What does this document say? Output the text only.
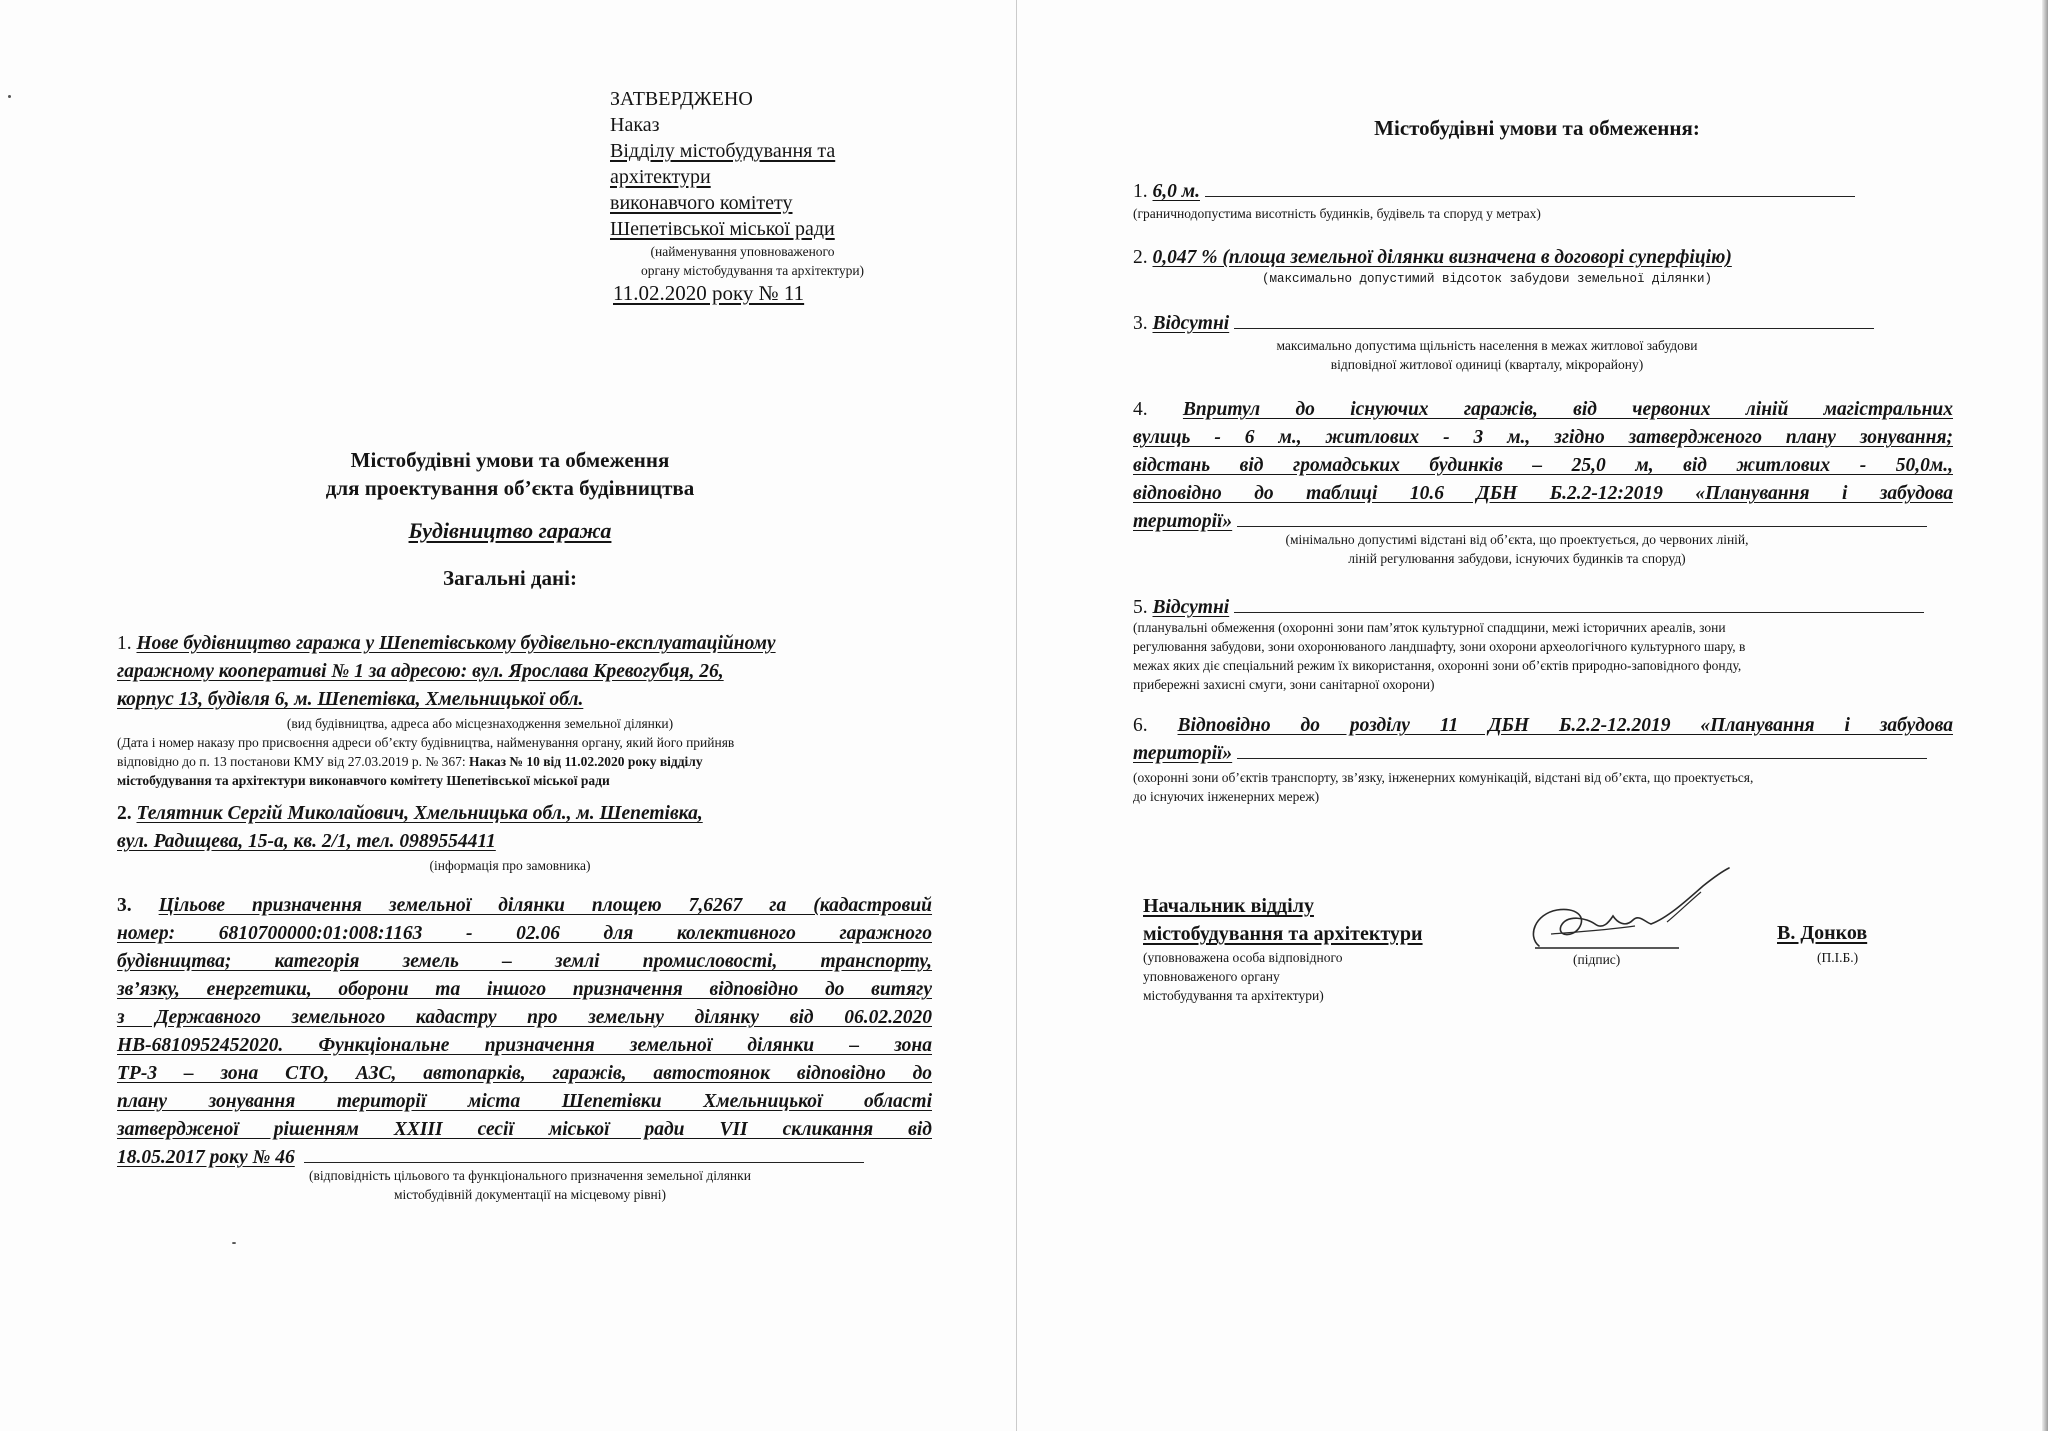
ЗАТВЕРДЖЕНО
Наказ
Відділу містобудування та
архітектури
виконавчого комітету
Шепетівської міської ради
(найменування уповноваженого
органу містобудування та архітектури)
11.02.2020 року № 11
Містобудівні умови та обмеження
для проектування об’єкта будівництва
Будівництво гаража
Загальні дані:
1. Нове будівництво гаража у Шепетівському будівельно-експлуатаційному
гаражному кооперативі № 1 за адресою: вул. Ярослава Кревогубця, 26,
корпус 13, будівля 6, м. Шепетівка, Хмельницької обл.
(вид будівництва, адреса або місцезнаходження земельної ділянки)
(Дата і номер наказу про присвоєння адреси об’єкту будівництва, найменування органу, який його прийняв
відповідно до п. 13 постанови КМУ від 27.03.2019 р. № 367: Наказ № 10 від 11.02.2020 року відділу
містобудування та архітектури виконавчого комітету Шепетівської міської ради
2. Телятник Сергій Миколайович, Хмельницька обл., м. Шепетівка,
вул. Радищева, 15-а, кв. 2/1, тел. 0989554411
(інформація про замовника)
3. Цільове призначення земельної ділянки площею 7,6267 га (кадастровий
номер: 6810700000:01:008:1163 - 02.06 для колективного гаражного
будівництва; категорія земель – землі промисловості, транспорту,
зв’язку, енергетики, оборони та іншого призначення відповідно до витягу
з Державного земельного кадастру про земельну ділянку від 06.02.2020
НВ-6810952452020. Функціональне призначення земельної ділянки – зона
ТР-3 – зона СТО, АЗС, автопарків, гаражів, автостоянок відповідно до
плану зонування території міста Шепетівки Хмельницької області
затвердженої рішенням XXIII сесії міської ради VII скликання від
18.05.2017 року № 46
(відповідність цільового та функціонального призначення земельної ділянки
містобудівній документації на місцевому рівні)
Містобудівні умови та обмеження:
1. 6,0 м.
(граничнодопустима висотність будинків, будівель та споруд у метрах)
2. 0,047 % (площа земельної ділянки визначена в договорі суперфіцію)
(максимально допустимий відсоток забудови земельної ділянки)
3. Відсутні
максимально допустима щільність населення в межах житлової забудови
відповідної житлової одиниці (кварталу, мікрорайону)
4. Впритул до існуючих гаражів, від червоних ліній магістральних
вулиць - 6 м., житлових - 3 м., згідно затвердженого плану зонування;
відстань від громадських будинків – 25,0 м, від житлових - 50,0м.,
відповідно до таблиці 10.6 ДБН Б.2.2-12:2019 «Планування і забудова
території»
(мінімально допустимі відстані від об’єкта, що проектується, до червоних ліній,
ліній регулювання забудови, існуючих будинків та споруд)
5. Відсутні
(планувальні обмеження (охоронні зони пам’яток культурної спадщини, межі історичних ареалів, зони
регулювання забудови, зони охоронюваного ландшафту, зони охорони археологічного культурного шару, в
межах яких діє спеціальний режим їх використання, охоронні зони об’єктів природно-заповідного фонду,
прибережні захисні смуги, зони санітарної охорони)
6. Відповідно до розділу 11 ДБН Б.2.2-12.2019 «Планування і забудова
території»
(охоронні зони об’єктів транспорту, зв’язку, інженерних комунікацій, відстані від об’єкта, що проектується,
до існуючих інженерних мереж)
Начальник відділу
містобудування та архітектури
(уповноважена особа відповідного
уповноваженого органу
містобудування та архітектури)
(підпис)
В. Донков
(П.І.Б.)
